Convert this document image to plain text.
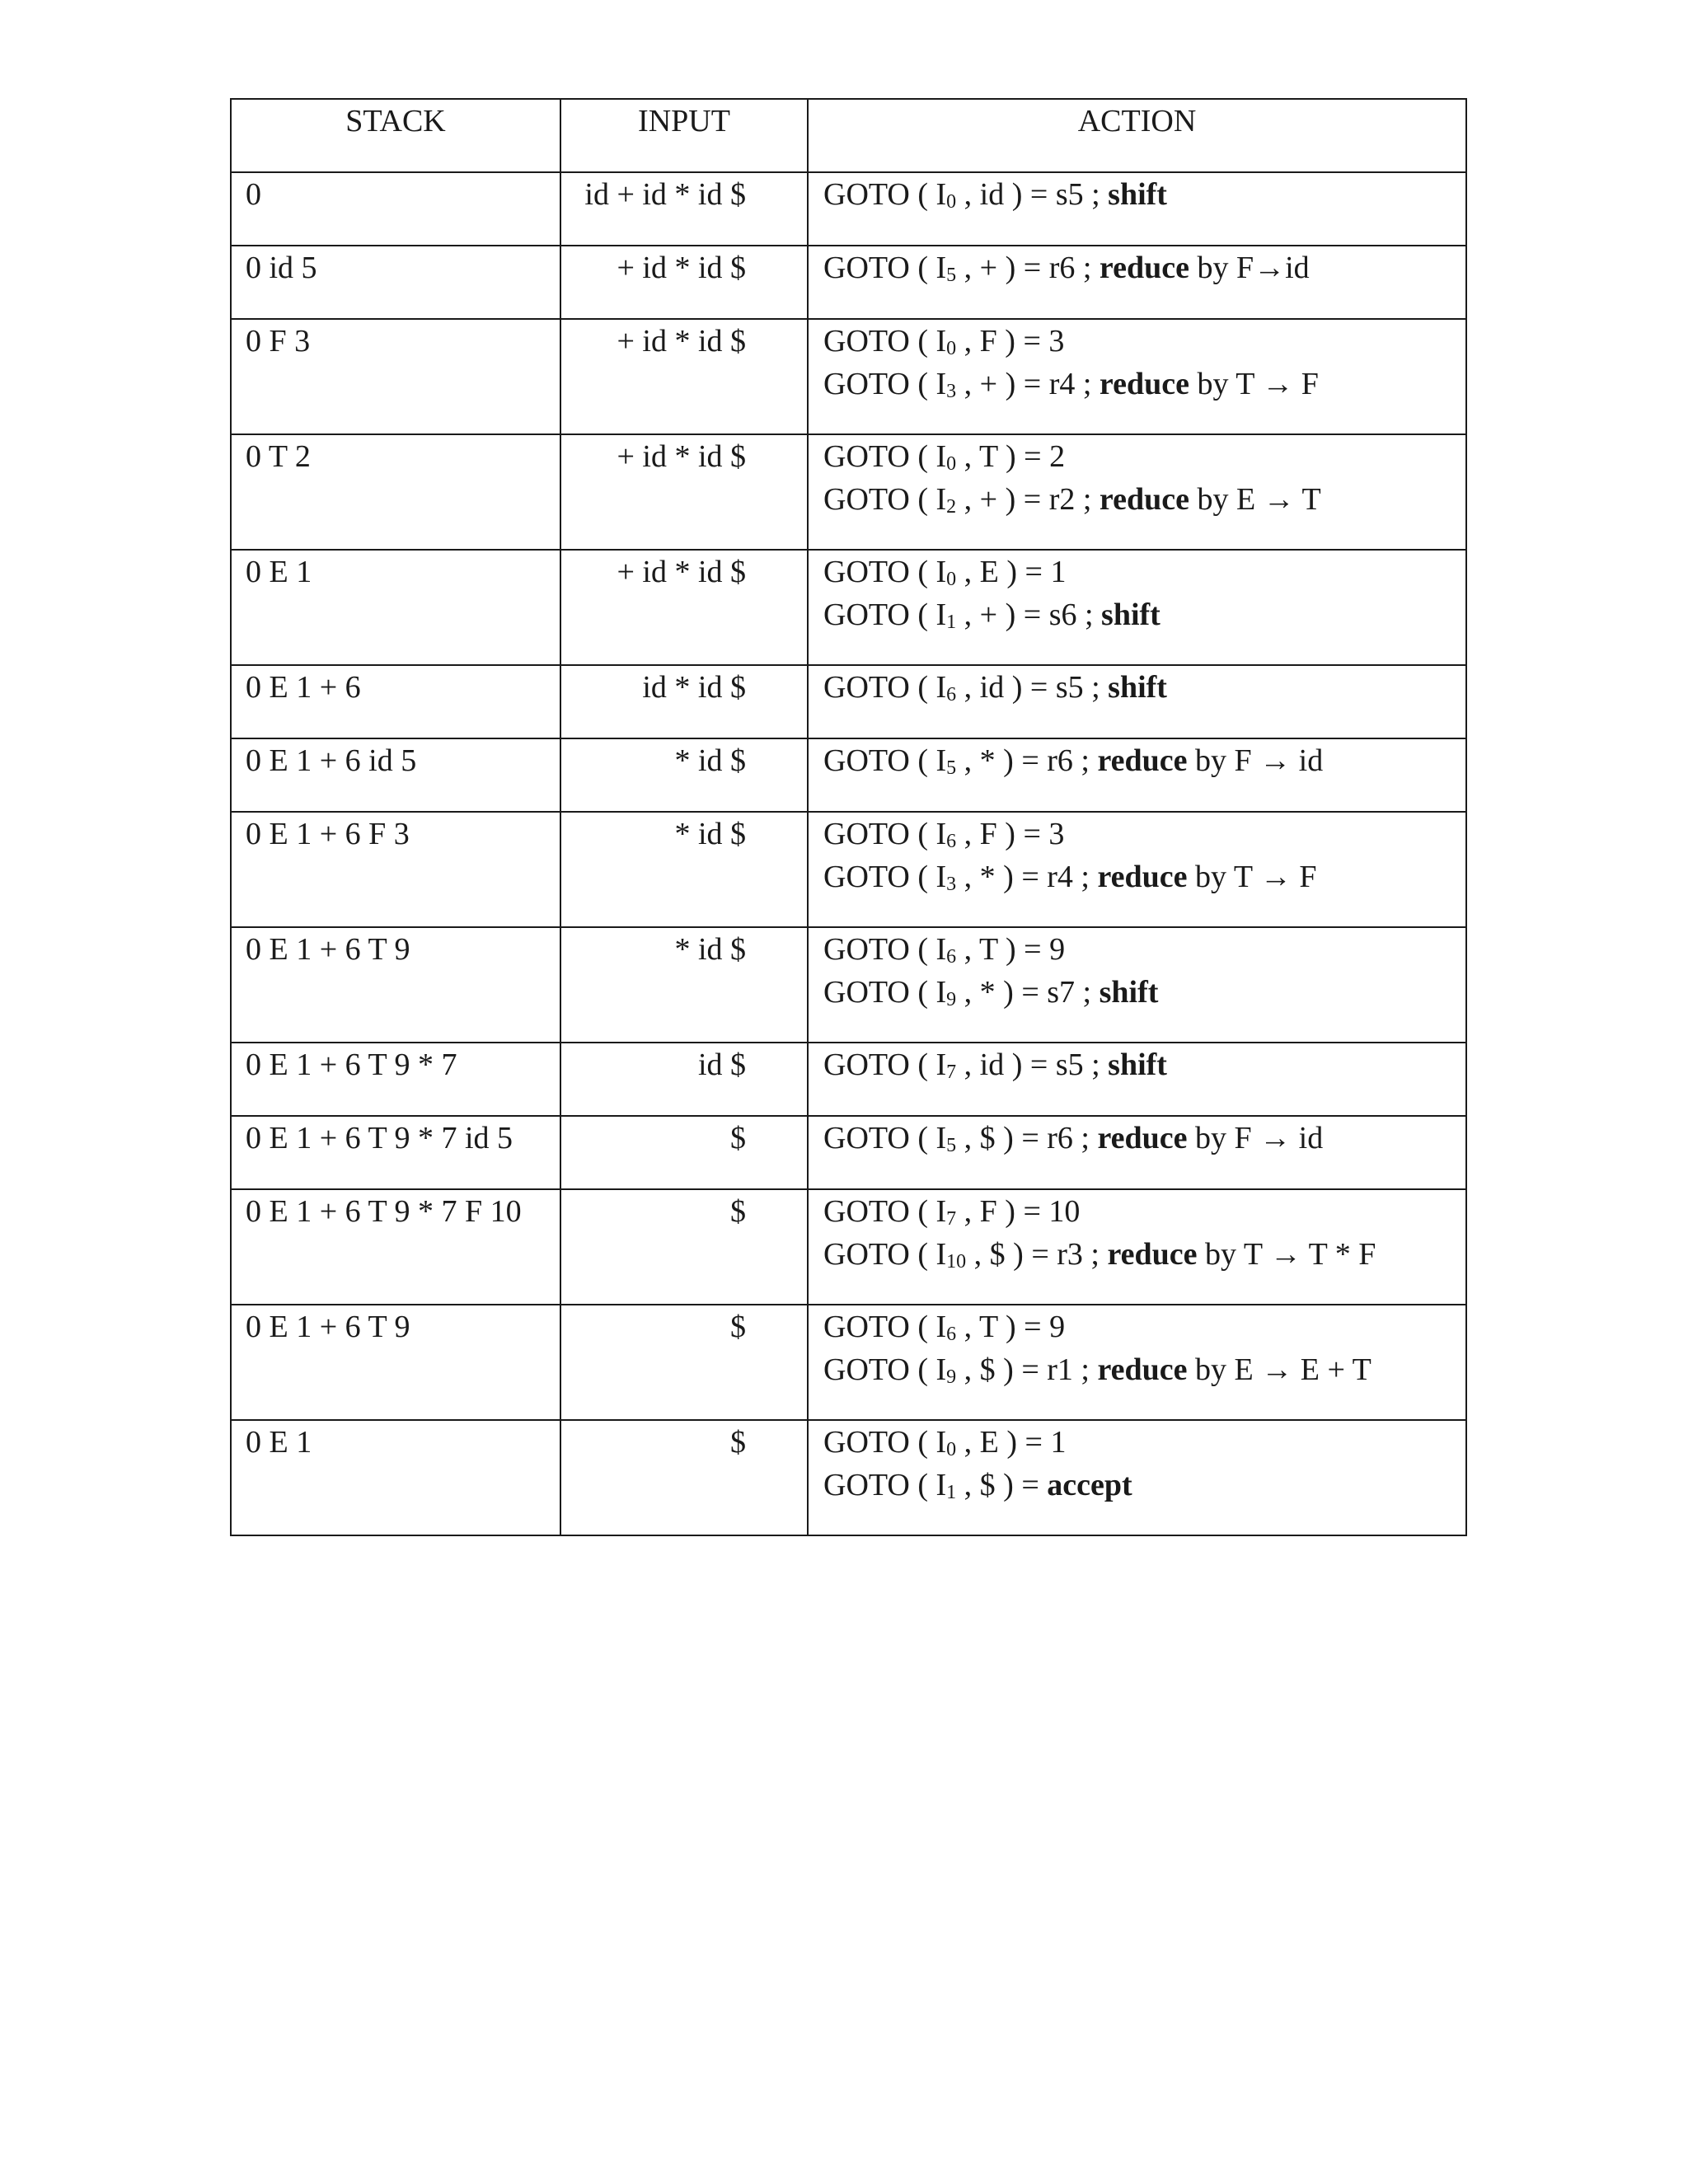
STACK	INPUT	ACTION
0	id + id * id $	GOTO ( $I_0$ , id ) = s5 ; shift

0 id 5	+ id * id $	GOTO ( $I_5$ , + ) = r6 ; reduce by F→id

0 F 3	+ id * id $	GOTO ( $I_0$ , F ) = 3
GOTO ( $I_3$ , + ) = r4 ; reduce by T → F

0 T 2	+ id * id $	GOTO ( $I_0$ , T ) = 2
GOTO ( $I_2$ , + ) = r2 ; reduce by E → T

0 E 1	+ id * id $	GOTO ( $I_0$ , E ) = 1
GOTO ( $I_1$ , + ) = s6 ; shift

0 E 1 + 6	id * id $	GOTO ( $I_6$ , id ) = s5 ; shift

0 E 1 + 6 id 5	* id $	GOTO ( $I_5$ , * ) = r6 ; reduce by F → id

0 E 1 + 6 F 3	* id $	GOTO ( $I_6$ , F ) = 3
GOTO ( $I_3$ , * ) = r4 ; reduce by T → F

0 E 1 + 6 T 9	* id $	GOTO ( $I_6$ , T ) = 9
GOTO ( $I_9$ , * ) = s7 ; shift

0 E 1 + 6 T 9 * 7	id $	GOTO ( $I_7$ , id ) = s5 ; shift

0 E 1 + 6 T 9 * 7 id 5	$	GOTO ( $I_5$ , $ ) = r6 ; reduce by F → id

0 E 1 + 6 T 9 * 7 F 10	$	GOTO ( $I_7$ , F ) = 10
GOTO ( $I_{10}$ , $ ) = r3 ; reduce by T → T * F

0 E 1 + 6 T 9	$	GOTO ( $I_6$ , T ) = 9
GOTO ( $I_9$ , $ ) = r1 ; reduce by E → E + T

0 E 1	$	GOTO ( $I_0$ , E ) = 1
GOTO ( $I_1$ , $ ) = accept
